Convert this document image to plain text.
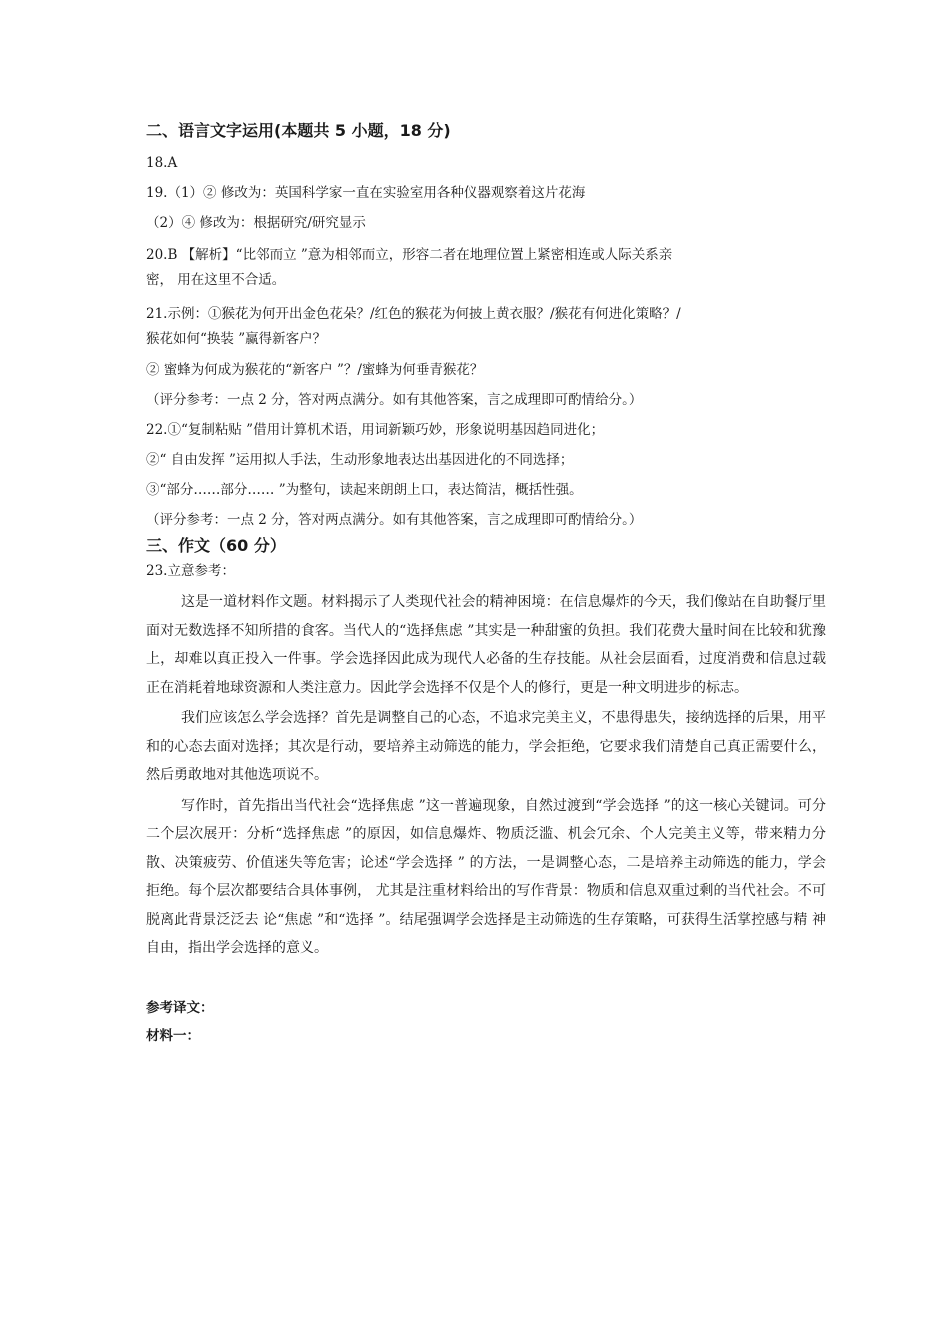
二、语言文字运用(本题共 5 小题，18 分)

18.A

19.（1）② 修改为：英国科学家一直在实验室用各种仪器观察着这片花海

（2）④ 修改为：根据研究/研究显示

20.B 【解析】“比邻而立 ”意为相邻而立，形容二者在地理位置上紧密相连或人际关系亲

密， 用在这里不合适。

21.示例：①猴花为何开出金色花朵？/红色的猴花为何披上黄衣服？/猴花有何进化策略？/

猴花如何“换装 ”赢得新客户？

② 蜜蜂为何成为猴花的“新客户 ”？/蜜蜂为何垂青猴花？

（评分参考：一点 2 分，答对两点满分。如有其他答案，言之成理即可酌情给分。）

22.①“复制粘贴 ”借用计算机术语，用词新颖巧妙，形象说明基因趋同进化；

②“ 自由发挥 ”运用拟人手法，生动形象地表达出基因进化的不同选择；

③“部分……部分…… ”为整句，读起来朗朗上口，表达简洁，概括性强。

（评分参考：一点 2 分，答对两点满分。如有其他答案，言之成理即可酌情给分。）

三、作文（60 分）

23.立意参考：

这是一道材料作文题。材料揭示了人类现代社会的精神困境：在信息爆炸的今天，我们像站在自助餐厅里面对无数选择不知所措的食客。当代人的“选择焦虑 ”其实是一种甜蜜的负担。我们花费大量时间在比较和犹豫上，却难以真正投入一件事。学会选择因此成为现代人必备的生存技能。从社会层面看，过度消费和信息过载正在消耗着地球资源和人类注意力。因此学会选择不仅是个人的修行，更是一种文明进步的标志。

我们应该怎么学会选择？首先是调整自己的心态，不追求完美主义，不患得患失，接纳选择的后果，用平和的心态去面对选择；其次是行动，要培养主动筛选的能力，学会拒绝，它要求我们清楚自己真正需要什么，然后勇敢地对其他选项说不。

写作时，首先指出当代社会“选择焦虑 ”这一普遍现象，自然过渡到“学会选择 ”的这一核心关键词。可分二个层次展开：分析“选择焦虑 ”的原因，如信息爆炸、物质泛滥、机会冗余、个人完美主义等，带来精力分散、决策疲劳、价值迷失等危害；论述“学会选择 ” 的方法，一是调整心态，二是培养主动筛选的能力，学会拒绝。每个层次都要结合具体事例， 尤其是注重材料给出的写作背景：物质和信息双重过剩的当代社会。不可脱离此背景泛泛去 论“焦虑 ”和“选择 ”。结尾强调学会选择是主动筛选的生存策略，可获得生活掌控感与精 神自由，指出学会选择的意义。

参考译文：

材料一：
